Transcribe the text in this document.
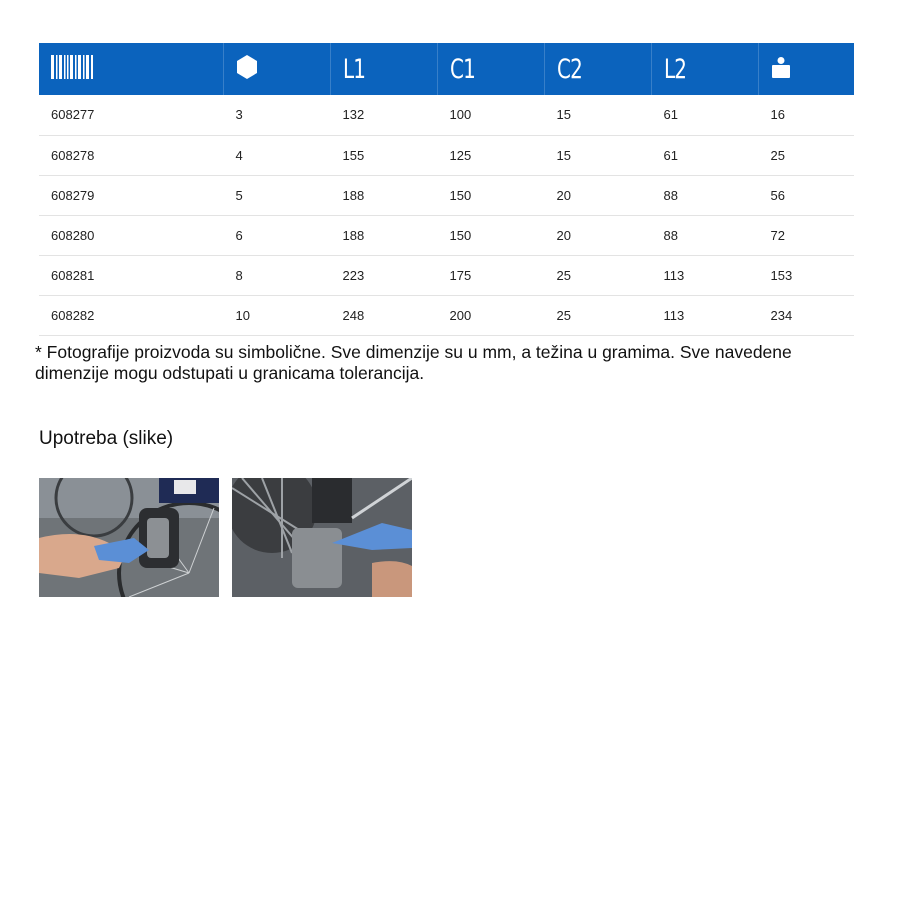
		L1	C1	C2	L2	
608277	3	132	100	15	61	16
608278	4	155	125	15	61	25
608279	5	188	150	20	88	56
608280	6	188	150	20	88	72
608281	8	223	175	25	113	153
608282	10	248	200	25	113	234
* Fotografije proizvoda su simbolične. Sve dimenzije su u mm, a težina u gramima. Sve navedene dimenzije mogu odstupati u granicama tolerancija.
Upotreba (slike)
